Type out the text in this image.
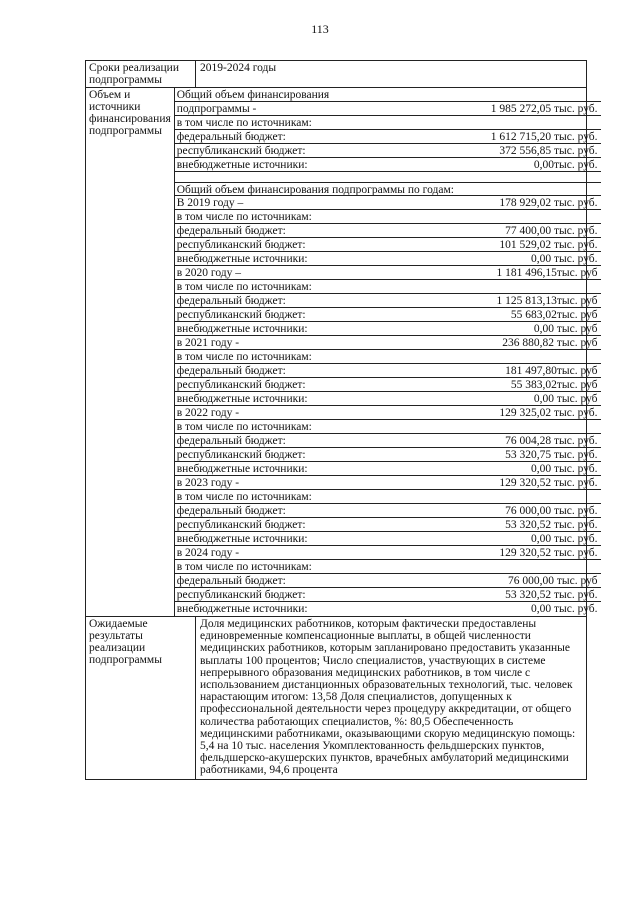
113
Сроки реализации подпрограммы
2019-2024 годы
Объем и источники финансирования подпрограммы
Общий объем финансирования
подпрограммы -
в том числе по источникам:
федеральный бюджет:
республиканский бюджет:
внебюджетные источники:
1 985 272,05 тыс. руб.
1 612 715,20 тыс. руб.
372 556,85 тыс. руб.
0,00тыс. руб.
Общий объем финансирования подпрограммы по годам:
В 2019 году –
в том числе по источникам:
федеральный бюджет:
республиканский бюджет:
внебюджетные источники:
178 929,02 тыс. руб.
77 400,00 тыс. руб.
101 529,02 тыс. руб.
0,00 тыс. руб.
в 2020 году –
в том числе по источникам:
федеральный бюджет:
республиканский бюджет:
внебюджетные источники:
1 181 496,15тыс. руб
1 125 813,13тыс. руб
55 683,02тыс. руб
0,00 тыс. руб
в 2021 году -
в том числе по источникам:
федеральный бюджет:
республиканский бюджет:
внебюджетные источники:
236 880,82 тыс. руб
181 497,80тыс. руб
55 383,02тыс. руб
0,00 тыс. руб
в 2022 году -
в том числе по источникам:
федеральный бюджет:
республиканский бюджет:
внебюджетные источники:
129 325,02 тыс. руб.
76 004,28 тыс. руб.
53 320,75 тыс. руб.
0,00 тыс. руб.
в 2023 году -
в том числе по источникам:
федеральный бюджет:
республиканский бюджет:
внебюджетные источники:
129 320,52 тыс. руб.
76 000,00 тыс. руб.
53 320,52 тыс. руб.
0,00 тыс. руб.
в 2024 году -
в том числе по источникам:
федеральный бюджет:
республиканский бюджет:
внебюджетные источники:
129 320,52 тыс. руб.
76 000,00 тыс. руб
53 320,52 тыс. руб.
0,00 тыс. руб.
Ожидаемые результаты реализации подпрограммы
Доля медицинских работников, которым фактически предоставлены единовременные компенсационные выплаты, в общей численности медицинских работников, которым запланировано предоставить указанные выплаты 100 процентов; Число специалистов, участвующих в системе непрерывного образования медицинских работников, в том числе с использованием дистанционных образовательных технологий, тыс. человек нарастающим итогом: 13,58 Доля специалистов, допущенных к профессиональной деятельности через процедуру аккредитации, от общего количества работающих специалистов, %: 80,5 Обеспеченность медицинскими работниками, оказывающими скорую медицинскую помощь: 5,4 на 10 тыс. населения Укомплектованность фельдшерских пунктов, фельдшерско-акушерских пунктов, врачебных амбулаторий медицинскими работниками, 94,6 процента
